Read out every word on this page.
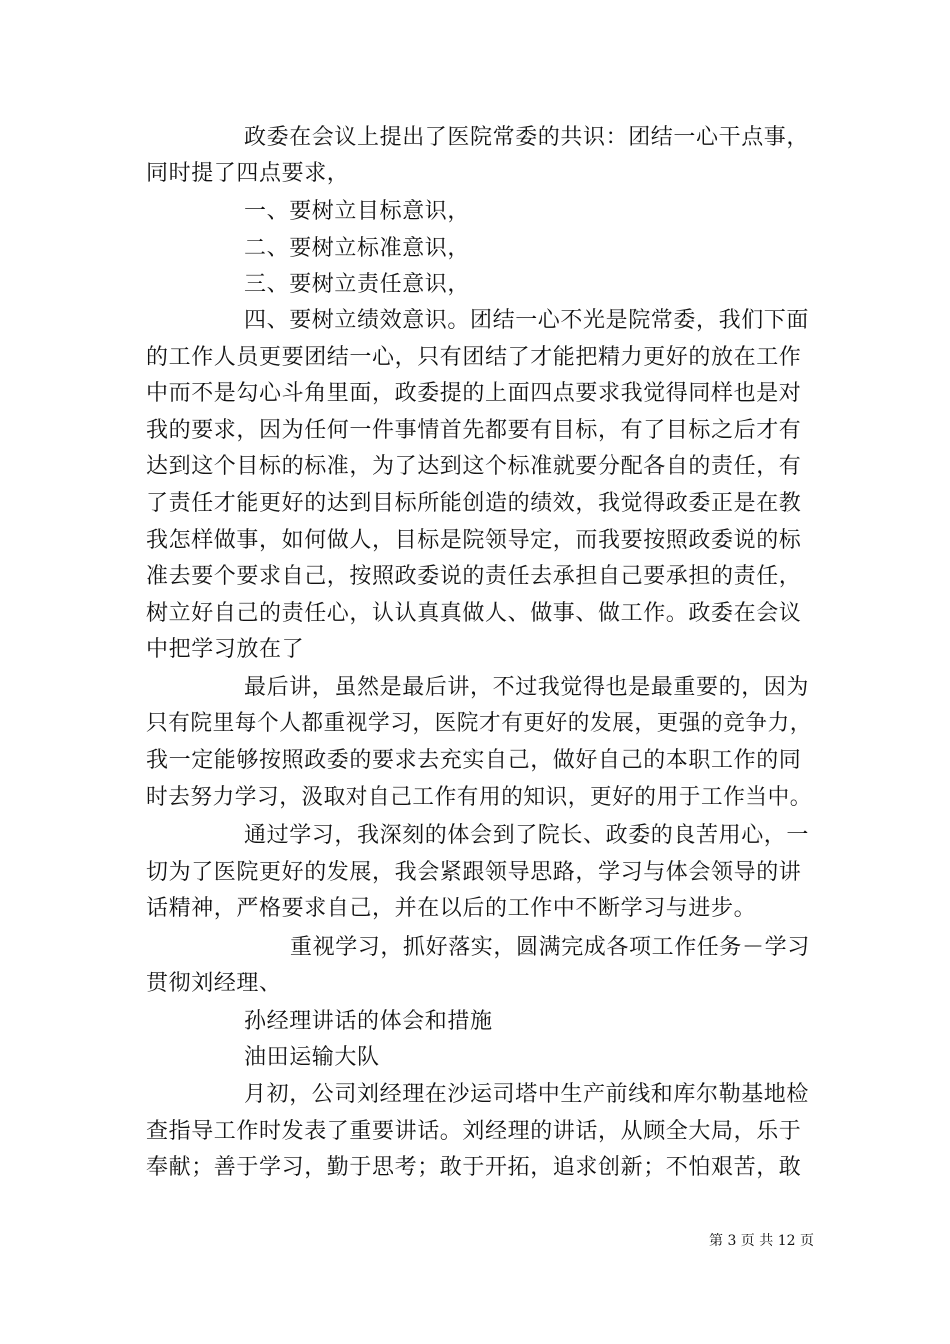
政委在会议上提出了医院常委的共识：团结一心干点事，
同时提了四点要求，
一、要树立目标意识，
二、要树立标准意识，
三、要树立责任意识，
四、要树立绩效意识。团结一心不光是院常委，我们下面
的工作人员更要团结一心，只有团结了才能把精力更好的放在工作
中而不是勾心斗角里面，政委提的上面四点要求我觉得同样也是对
我的要求，因为任何一件事情首先都要有目标，有了目标之后才有
达到这个目标的标准，为了达到这个标准就要分配各自的责任，有
了责任才能更好的达到目标所能创造的绩效，我觉得政委正是在教
我怎样做事，如何做人，目标是院领导定，而我要按照政委说的标
准去要个要求自己，按照政委说的责任去承担自己要承担的责任，
树立好自己的责任心，认认真真做人、做事、做工作。政委在会议
中把学习放在了
最后讲，虽然是最后讲，不过我觉得也是最重要的，因为
只有院里每个人都重视学习，医院才有更好的发展，更强的竞争力，
我一定能够按照政委的要求去充实自己，做好自己的本职工作的同
时去努力学习，汲取对自己工作有用的知识，更好的用于工作当中。
通过学习，我深刻的体会到了院长、政委的良苦用心，一
切为了医院更好的发展，我会紧跟领导思路，学习与体会领导的讲
话精神，严格要求自己，并在以后的工作中不断学习与进步。
重视学习，抓好落实，圆满完成各项工作任务－学习
贯彻刘经理、
孙经理讲话的体会和措施
油田运输大队
月初，公司刘经理在沙运司塔中生产前线和库尔勒基地检
查指导工作时发表了重要讲话。刘经理的讲话，从顾全大局，乐于
奉献；善于学习，勤于思考；敢于开拓，追求创新；不怕艰苦，敢
第 3 页 共 12 页
